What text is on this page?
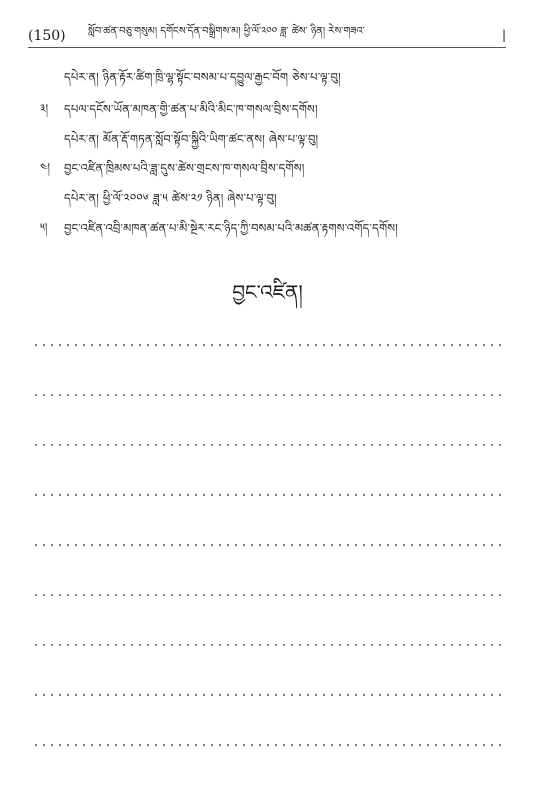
(150) སློབ་ཚན་བཅུ་གསུམ། དགོངས་དོན་བསྒྲིགས་མ། ཕྱི་ལོ་༢༠༠ ཟླ་ ཚེས་ ཉིན། རེས་གཟའ་	|
དཔེར་ན། ཉིན་རྟོར་ཚིག་ཁྲི་ལྷ་སྟོང་བསམ་པ་དབྱུལ་རྒྱང་བོག ཅེས་པ་ལྟ་བུ།
༣། དཔལ་དངོས་ཡོན་མཁན་གྱི་ཚན་པ་མིའི་མིང་ཁ་གསལ་བྲིས་དགོས།
དཔེར་ན། མོན་རྡོ་གཏན་སློབ་སྟོབ་སྐྱིའི་ཡིག་ཚང་ནས། ཞེས་པ་ལྟ་བུ།
༤། བྱང་འཛིན་ཁྲིམས་པའི་ཟླ་དུས་ཚེས་གྲངས་ཁ་གསལ་བྲིས་དགོས།
དཔེར་ན། ཕྱི་ལོ་༢༠༠༦ ཟླ་༥ ཚེས་༢༡ ཉིན། ཞེས་པ་ལྟ་བུ།
༥། བྱང་འཛིན་འབྲི་མཁན་ཚན་པ་མི་སྔེར་རང་ཉིད་ཀྱི་བསམ་པའི་མཚན་རྟགས་འགོད་དགོས།
བྱང་འཛིན།
